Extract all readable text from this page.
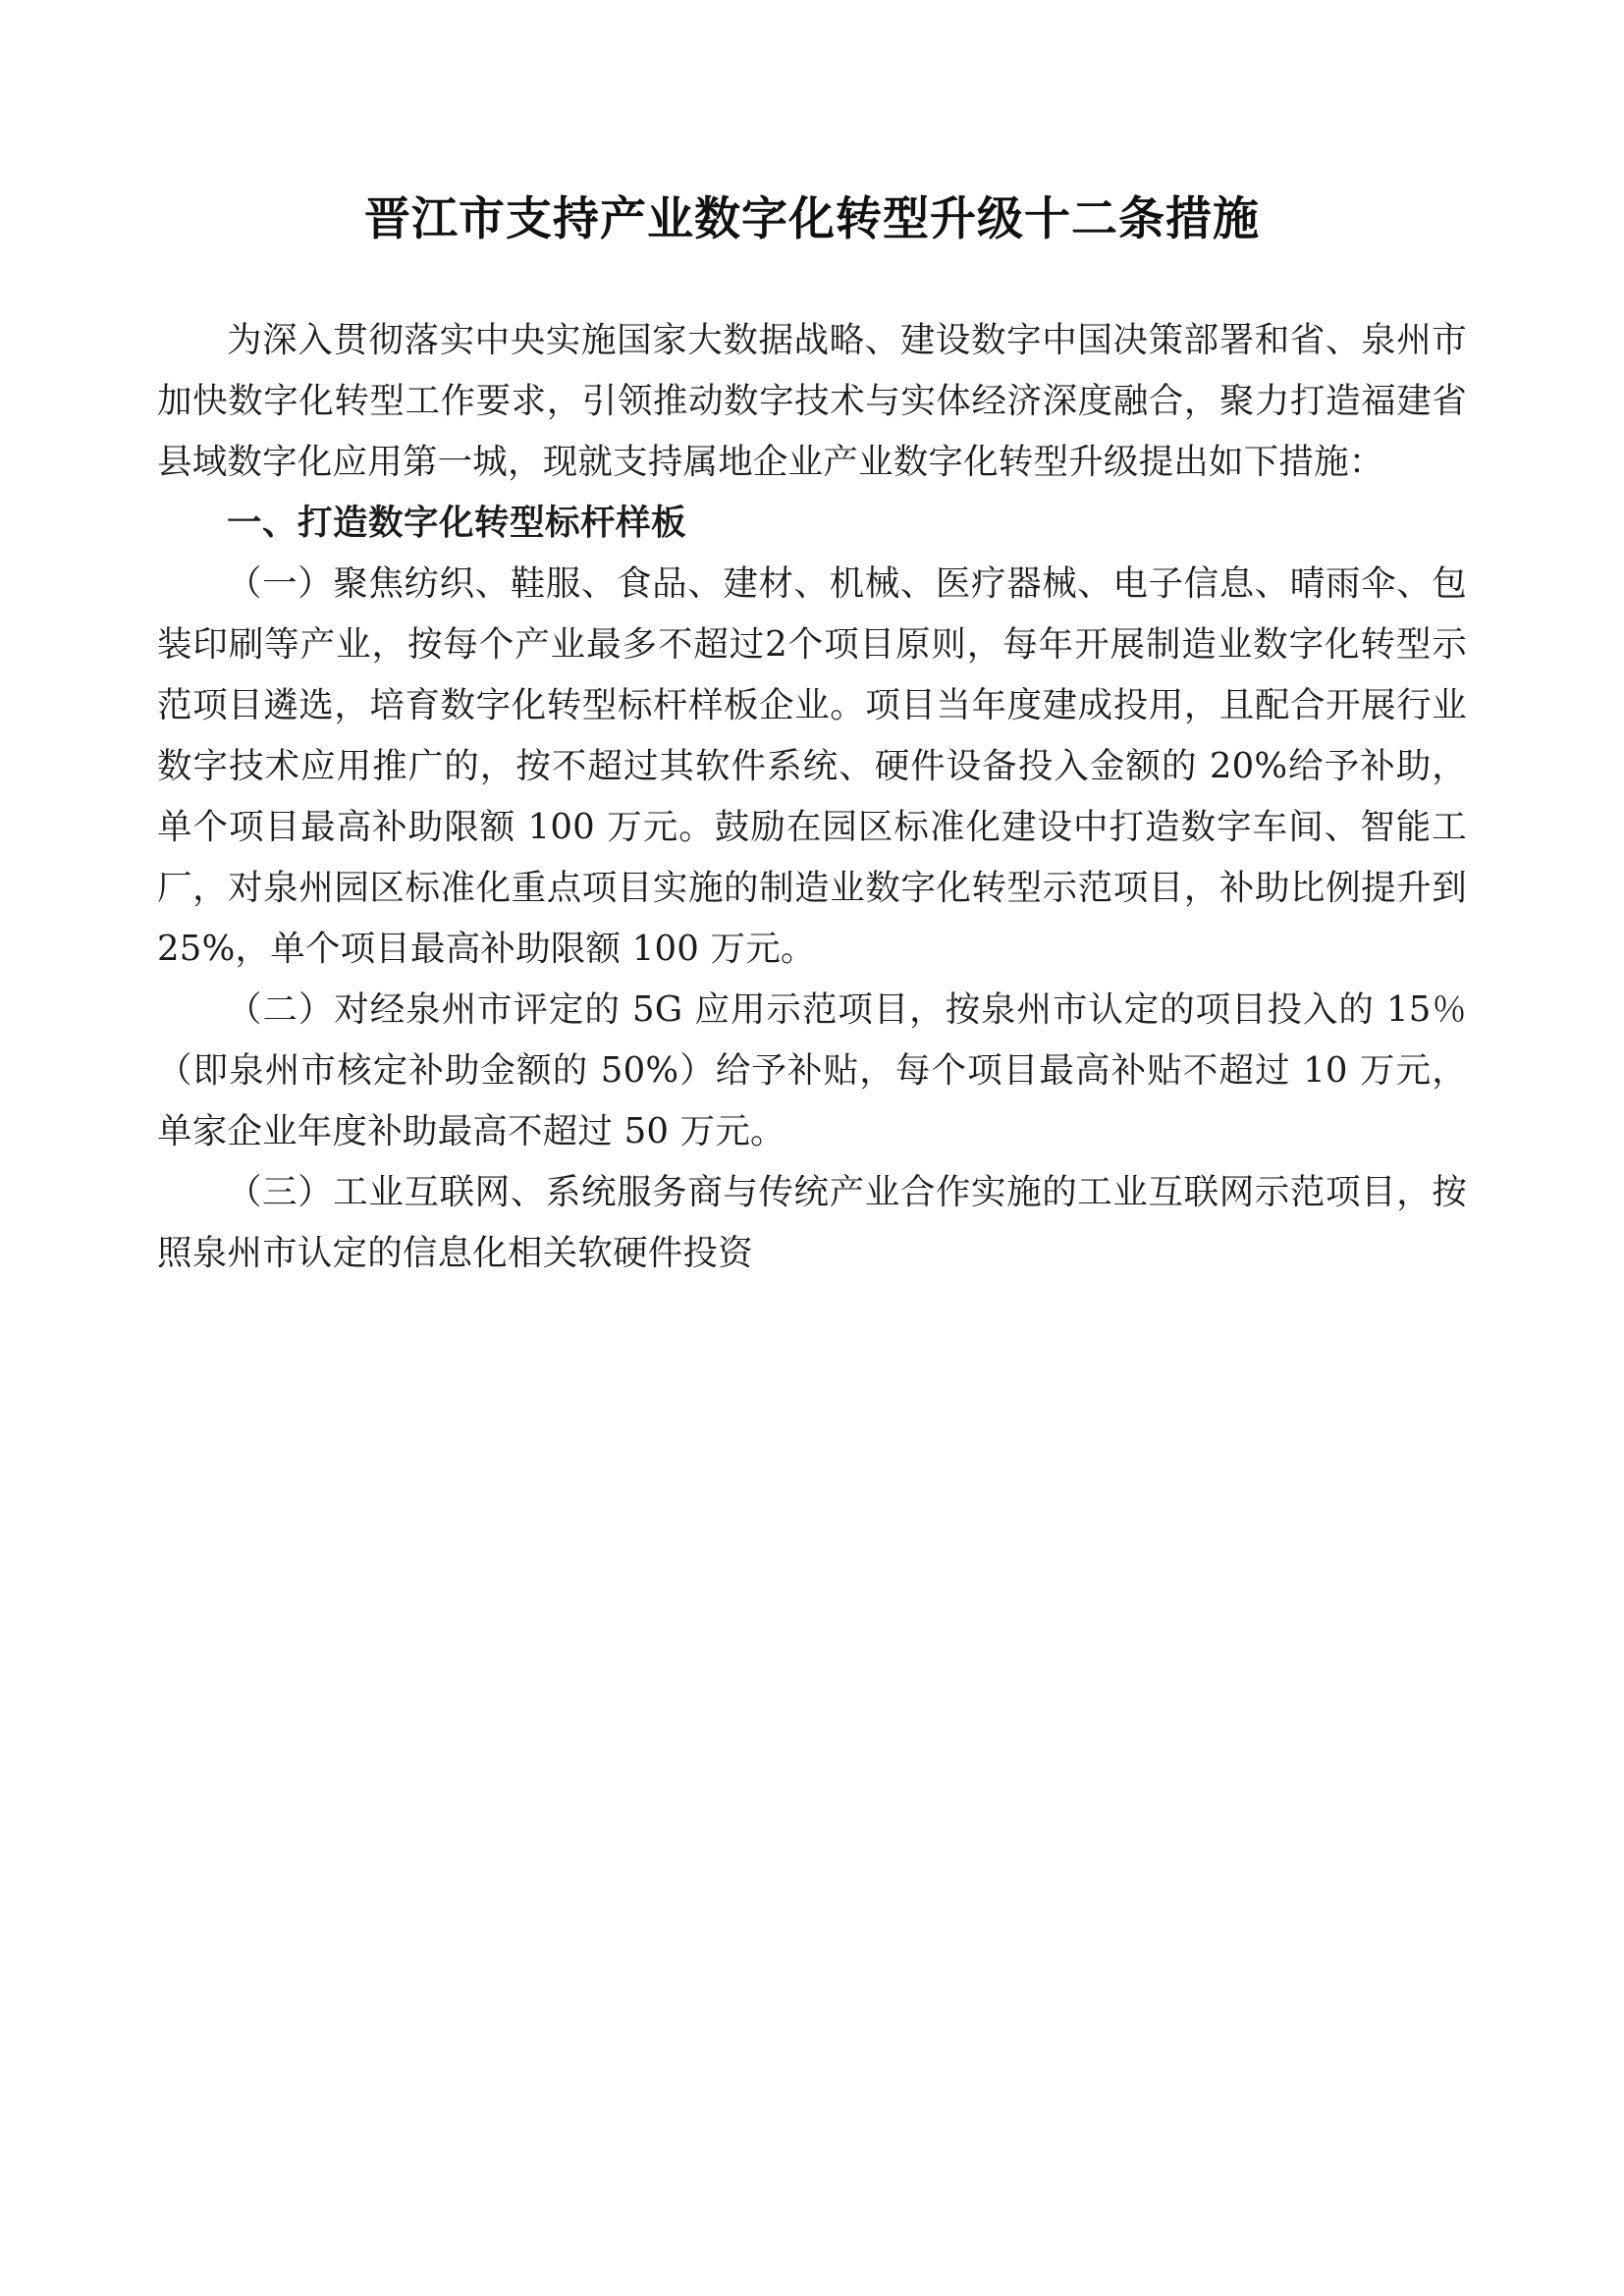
晋江市支持产业数字化转型升级十二条措施

为深入贯彻落实中央实施国家大数据战略、建设数字中国决策部署和省、泉州市加快数字化转型工作要求，引领推动数字技术与实体经济深度融合，聚力打造福建省县域数字化应用第一城，现就支持属地企业产业数字化转型升级提出如下措施：

一、打造数字化转型标杆样板

（一）聚焦纺织、鞋服、食品、建材、机械、医疗器械、电子信息、晴雨伞、包装印刷等产业，按每个产业最多不超过2个项目原则，每年开展制造业数字化转型示范项目遴选，培育数字化转型标杆样板企业。项目当年度建成投用，且配合开展行业数字技术应用推广的，按不超过其软件系统、硬件设备投入金额的 20%给予补助，单个项目最高补助限额 100 万元。鼓励在园区标准化建设中打造数字车间、智能工厂，对泉州园区标准化重点项目实施的制造业数字化转型示范项目，补助比例提升到25%，单个项目最高补助限额 100 万元。

（二）对经泉州市评定的 5G 应用示范项目，按泉州市认定的项目投入的 15％（即泉州市核定补助金额的 50%）给予补贴，每个项目最高补贴不超过 10 万元，单家企业年度补助最高不超过 50 万元。

（三）工业互联网、系统服务商与传统产业合作实施的工业互联网示范项目，按照泉州市认定的信息化相关软硬件投资
